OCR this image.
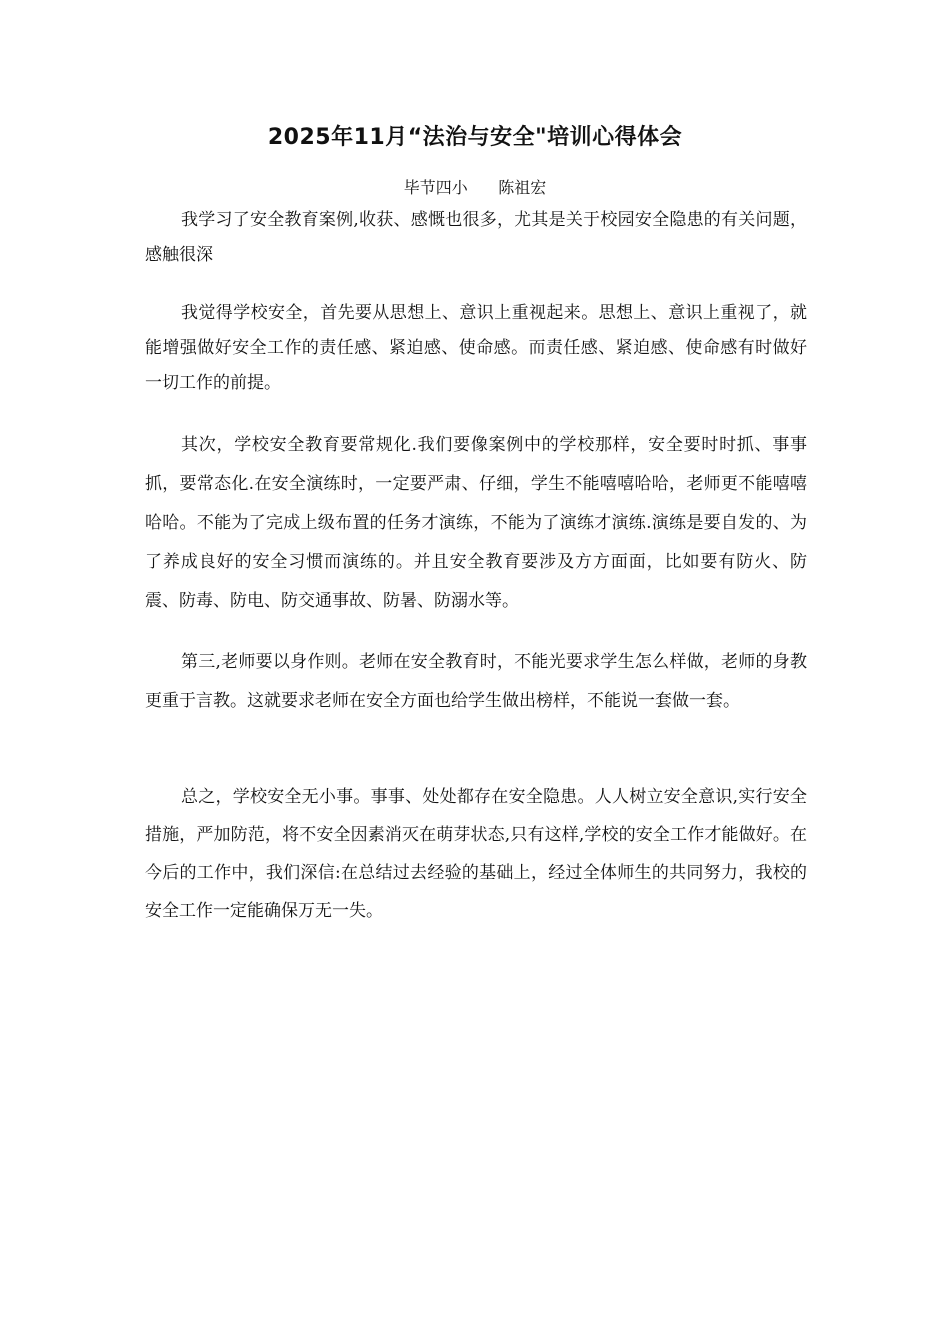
2025年11月“法治与安全"培训心得体会
毕节四小      陈祖宏

我学习了安全教育案例,收获、感慨也很多，尤其是关于校园安全隐患的有关问题，感触很深

我觉得学校安全，首先要从思想上、意识上重视起来。思想上、意识上重视了，就能增强做好安全工作的责任感、紧迫感、使命感。而责任感、紧迫感、使命感有时做好一切工作的前提。

其次，学校安全教育要常规化.我们要像案例中的学校那样，安全要时时抓、事事抓，要常态化.在安全演练时，一定要严肃、仔细，学生不能嘻嘻哈哈，老师更不能嘻嘻哈哈。不能为了完成上级布置的任务才演练，不能为了演练才演练.演练是要自发的、为了养成良好的安全习惯而演练的。并且安全教育要涉及方方面面，比如要有防火、防震、防毒、防电、防交通事故、防暑、防溺水等。

第三,老师要以身作则。老师在安全教育时，不能光要求学生怎么样做，老师的身教更重于言教。这就要求老师在安全方面也给学生做出榜样，不能说一套做一套。

总之，学校安全无小事。事事、处处都存在安全隐患。人人树立安全意识,实行安全措施，严加防范，将不安全因素消灭在萌芽状态,只有这样,学校的安全工作才能做好。在今后的工作中，我们深信:在总结过去经验的基础上，经过全体师生的共同努力，我校的安全工作一定能确保万无一失。
